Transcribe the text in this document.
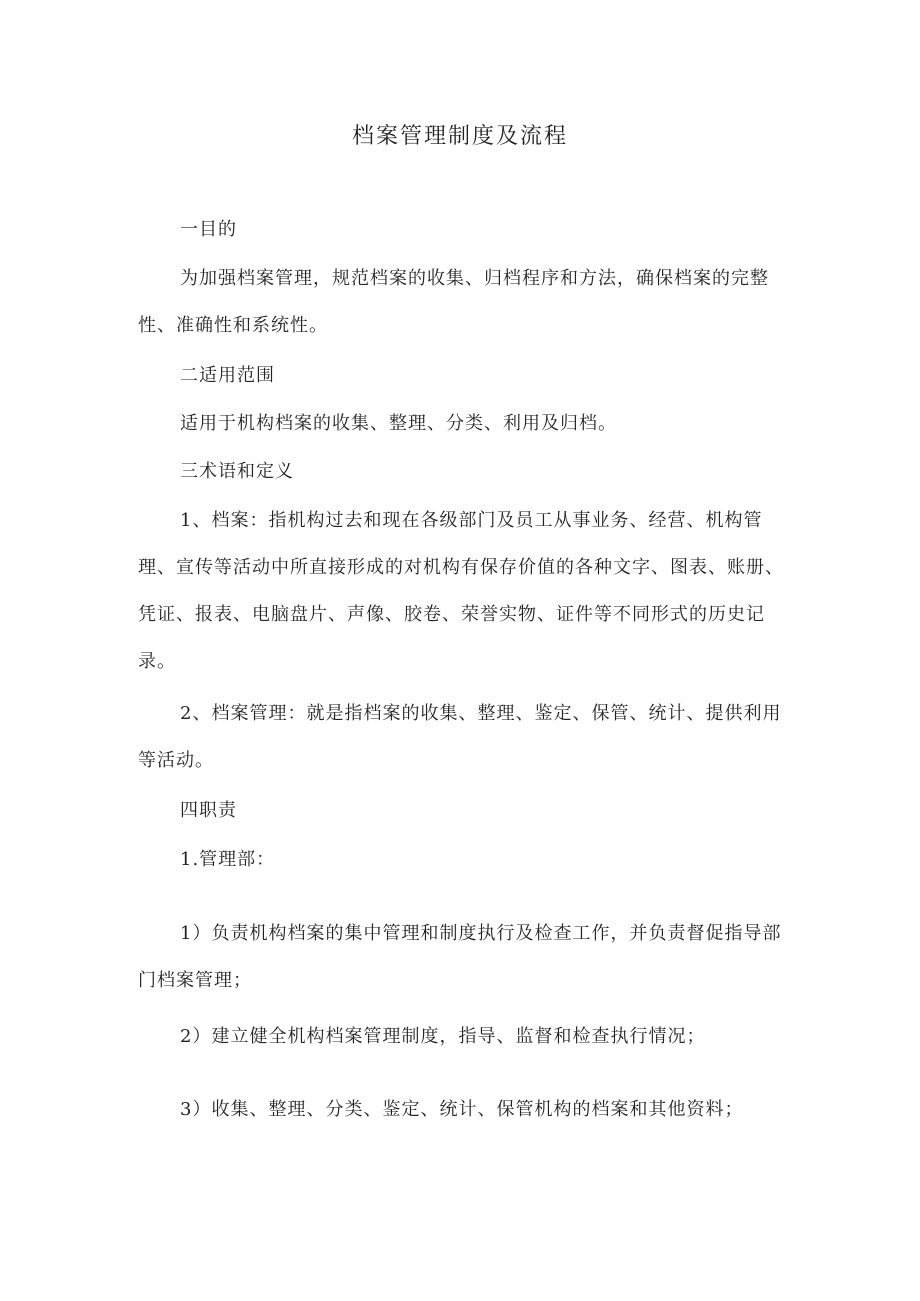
档案管理制度及流程

一目的

为加强档案管理，规范档案的收集、归档程序和方法，确保档案的完整性、准确性和系统性。

二适用范围

适用于机构档案的收集、整理、分类、利用及归档。

三术语和定义

1、档案：指机构过去和现在各级部门及员工从事业务、经营、机构管理、宣传等活动中所直接形成的对机构有保存价值的各种文字、图表、账册、凭证、报表、电脑盘片、声像、胶卷、荣誉实物、证件等不同形式的历史记录。

2、档案管理：就是指档案的收集、整理、鉴定、保管、统计、提供利用等活动。

四职责

1.管理部：

1）负责机构档案的集中管理和制度执行及检查工作，并负责督促指导部门档案管理；

2）建立健全机构档案管理制度，指导、监督和检查执行情况；

3）收集、整理、分类、鉴定、统计、保管机构的档案和其他资料；
